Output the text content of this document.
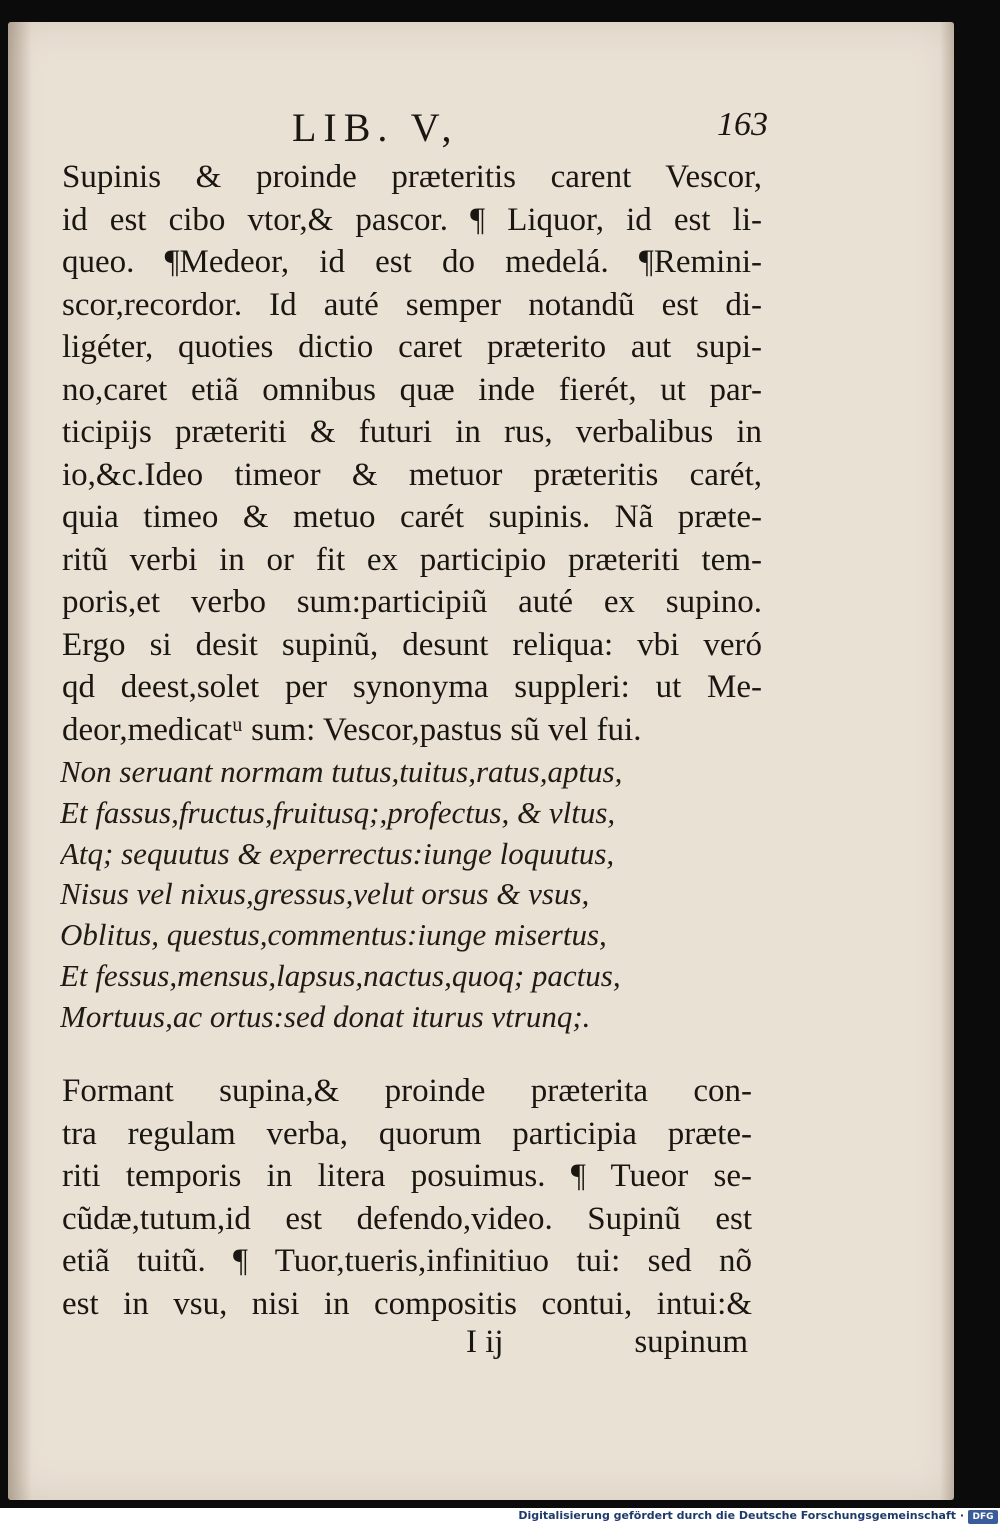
LIB. V,	163
Supinis & proinde præteritis carent Vescor,
id est cibo vtor,& pascor. ¶ Liquor, id est li-
queo. ¶Medeor, id est do medelá. ¶Remini-
scor,recordor. Id auté semper notandũ est di-
ligéter, quoties dictio caret præterito aut supi-
no,caret etiã omnibus quæ inde fierét, ut par-
ticipijs præteriti & futuri in rus, verbalibus in
io,&c.Ideo timeor & metuor præteritis carét,
quia timeo & metuo carét supinis. Nã præte-
ritũ verbi in or fit ex participio præteriti tem-
poris,et verbo sum:participiũ auté ex supino.
Ergo si desit supinũ, desunt reliqua: vbi veró
qd deest,solet per synonyma suppleri: ut Me-
deor,medicatᵘ sum: Vescor,pastus sũ vel fui.
Non seruant normam tutus,tuitus,ratus,aptus,
Et fassus,fructus,fruitusq;,profectus, & vltus,
Atq; sequutus & experrectus:iunge loquutus,
Nisus vel nixus,gressus,velut orsus & vsus,
Oblitus, questus,commentus:iunge misertus,
Et fessus,mensus,lapsus,nactus,quoq; pactus,
Mortuus,ac ortus:sed donat iturus vtrunq;.
Formant supina,& proinde præterita con-
tra regulam verba, quorum participia præte-
riti temporis in litera posuimus. ¶ Tueor se-
cũdæ,tutum,id est defendo,video. Supinũ est
etiã tuitũ. ¶ Tuor,tueris,infinitiuo tui: sed nõ
est in vsu, nisi in compositis contui, intui:&
I ij	supinum
Digitalisierung gefördert durch die Deutsche Forschungsgemeinschaft · DFG
